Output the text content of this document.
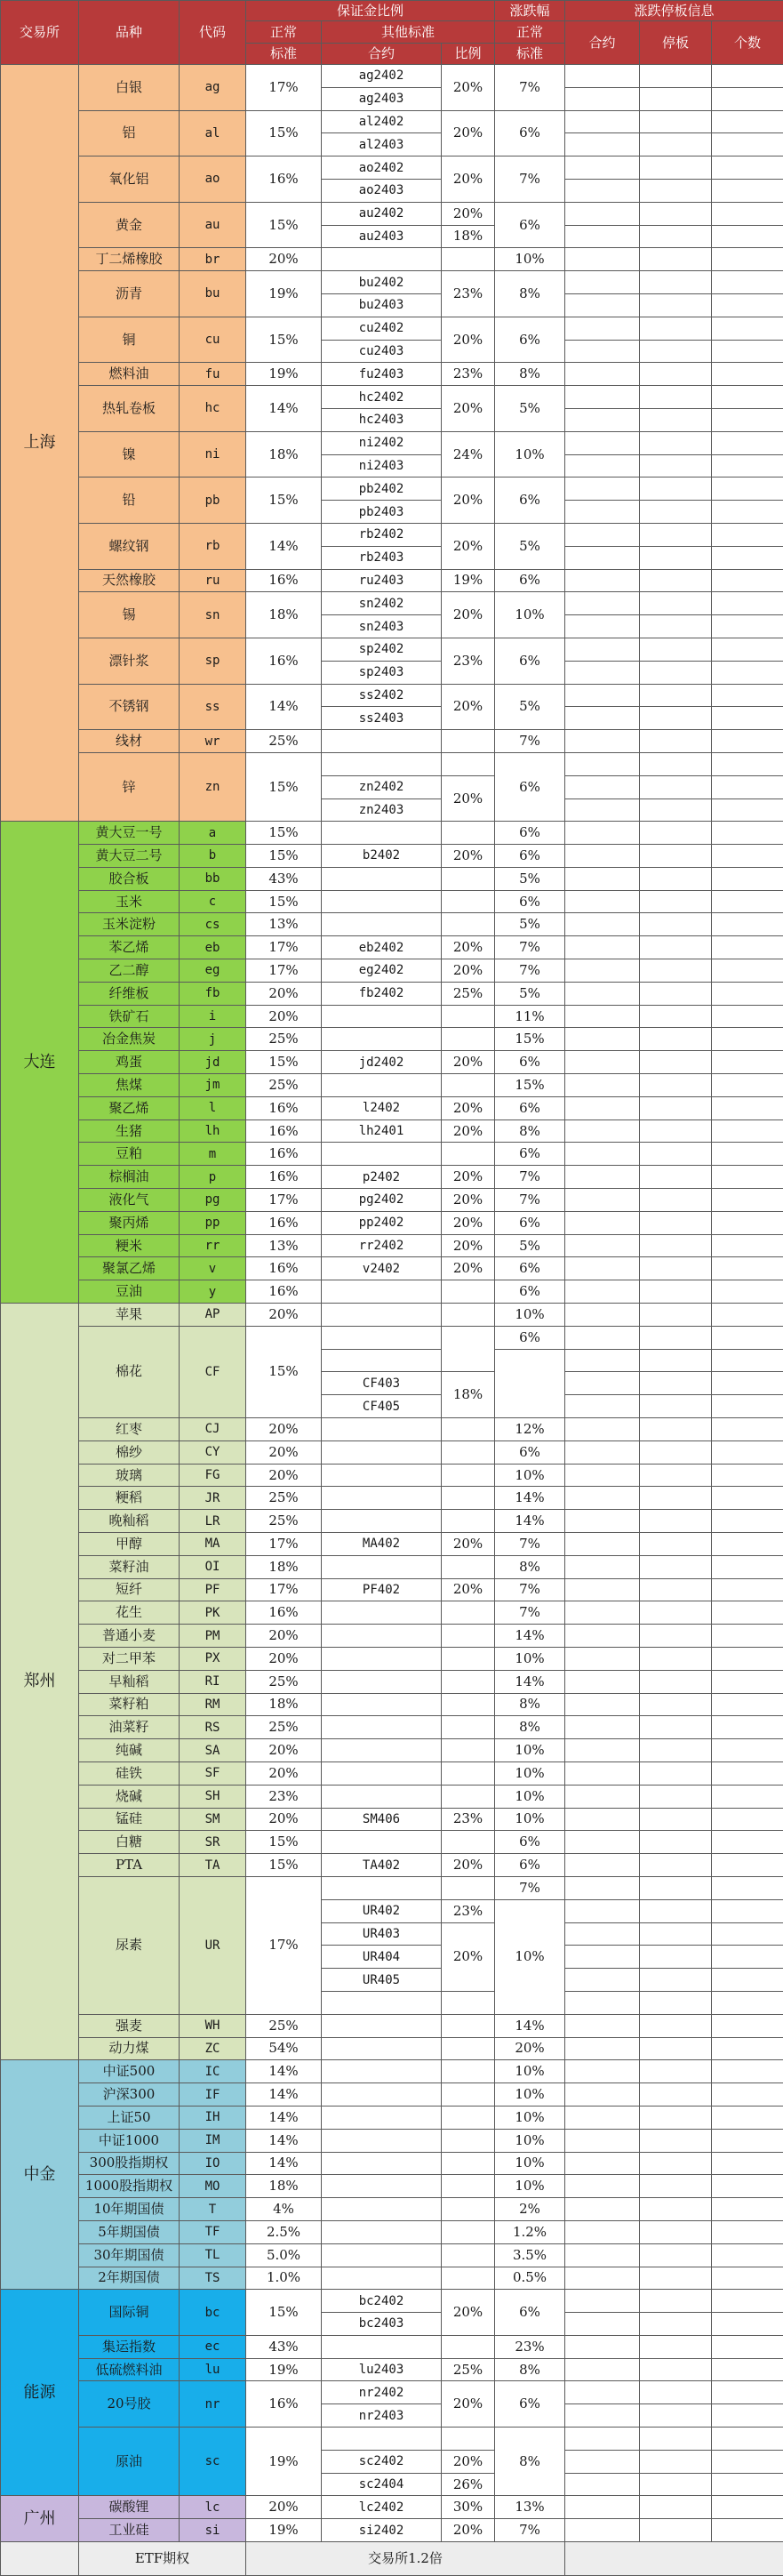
交易所	品种	代码	保证金比例			涨跌幅	涨跌停板信息		
			正常	其他标准		正常	合约	停板	个数
			标准	合约	比例	标准			
上海	白银	ag	17%	ag2402	20%	7%			
				ag2403					
	铝	al	15%	al2402	20%	6%			
				al2403					
	氧化铝	ao	16%	ao2402	20%	7%			
				ao2403					
	黄金	au	15%	au2402	20%	6%			
				au2403	18%				
	丁二烯橡胶	br	20%			10%			
	沥青	bu	19%	bu2402	23%	8%			
				bu2403					
	铜	cu	15%	cu2402	20%	6%			
				cu2403					
	燃料油	fu	19%	fu2403	23%	8%			
	热轧卷板	hc	14%	hc2402	20%	5%			
				hc2403					
	镍	ni	18%	ni2402	24%	10%			
				ni2403					
	铅	pb	15%	pb2402	20%	6%			
				pb2403					
	螺纹钢	rb	14%	rb2402	20%	5%			
				rb2403					
	天然橡胶	ru	16%	ru2403	19%	6%			
	锡	sn	18%	sn2402	20%	10%			
				sn2403					
	漂针浆	sp	16%	sp2402	23%	6%			
				sp2403					
	不锈钢	ss	14%	ss2402	20%	5%			
				ss2403					
	线材	wr	25%			7%			
	锌	zn	15%			6%			
				zn2402	20%				
				zn2403					
大连	黄大豆一号	a	15%			6%			
	黄大豆二号	b	15%	b2402	20%	6%			
	胶合板	bb	43%			5%			
	玉米	c	15%			6%			
	玉米淀粉	cs	13%			5%			
	苯乙烯	eb	17%	eb2402	20%	7%			
	乙二醇	eg	17%	eg2402	20%	7%			
	纤维板	fb	20%	fb2402	25%	5%			
	铁矿石	i	20%			11%			
	冶金焦炭	j	25%			15%			
	鸡蛋	jd	15%	jd2402	20%	6%			
	焦煤	jm	25%			15%			
	聚乙烯	l	16%	l2402	20%	6%			
	生猪	lh	16%	lh2401	20%	8%			
	豆粕	m	16%			6%			
	棕榈油	p	16%	p2402	20%	7%			
	液化气	pg	17%	pg2402	20%	7%			
	聚丙烯	pp	16%	pp2402	20%	6%			
	粳米	rr	13%	rr2402	20%	5%			
	聚氯乙烯	v	16%	v2402	20%	6%			
	豆油	y	16%			6%			
郑州	苹果	AP	20%			10%			
	棉花	CF	15%			6%			

				CF403	18%				
				CF405					
	红枣	CJ	20%			12%			
	棉纱	CY	20%			6%			
	玻璃	FG	20%			10%			
	粳稻	JR	25%			14%			
	晚籼稻	LR	25%			14%			
	甲醇	MA	17%	MA402	20%	7%			
	菜籽油	OI	18%			8%			
	短纤	PF	17%	PF402	20%	7%			
	花生	PK	16%			7%			
	普通小麦	PM	20%			14%			
	对二甲苯	PX	20%			10%			
	早籼稻	RI	25%			14%			
	菜籽粕	RM	18%			8%			
	油菜籽	RS	25%			8%			
	纯碱	SA	20%			10%			
	硅铁	SF	20%			10%			
	烧碱	SH	23%			10%			
	锰硅	SM	20%	SM406	23%	10%			
	白糖	SR	15%			6%			
	PTA	TA	15%	TA402	20%	6%			
	尿素	UR	17%			7%			
				UR402	23%	10%			
				UR403	20%				
				UR404					
				UR405					

	强麦	WH	25%			14%			
	动力煤	ZC	54%			20%			
中金	中证500	IC	14%			10%			
	沪深300	IF	14%			10%			
	上证50	IH	14%			10%			
	中证1000	IM	14%			10%			
	300股指期权	IO	14%			10%			
	1000股指期权	MO	18%			10%			
	10年期国债	T	4%			2%			
	5年期国债	TF	2.5%			1.2%			
	30年期国债	TL	5.0%			3.5%			
	2年期国债	TS	1.0%			0.5%			
能源	国际铜	bc	15%	bc2402	20%	6%			
				bc2403					
	集运指数	ec	43%			23%			
	低硫燃料油	lu	19%	lu2403	25%	8%			
	20号胶	nr	16%	nr2402	20%	6%			
				nr2403					
	原油	sc	19%			8%			
				sc2402	20%				
				sc2404	26%				
广州	碳酸锂	lc	20%	lc2402	30%	13%			
	工业硅	si	19%	si2402	20%	7%			
	ETF期权		交易所1.2倍						
